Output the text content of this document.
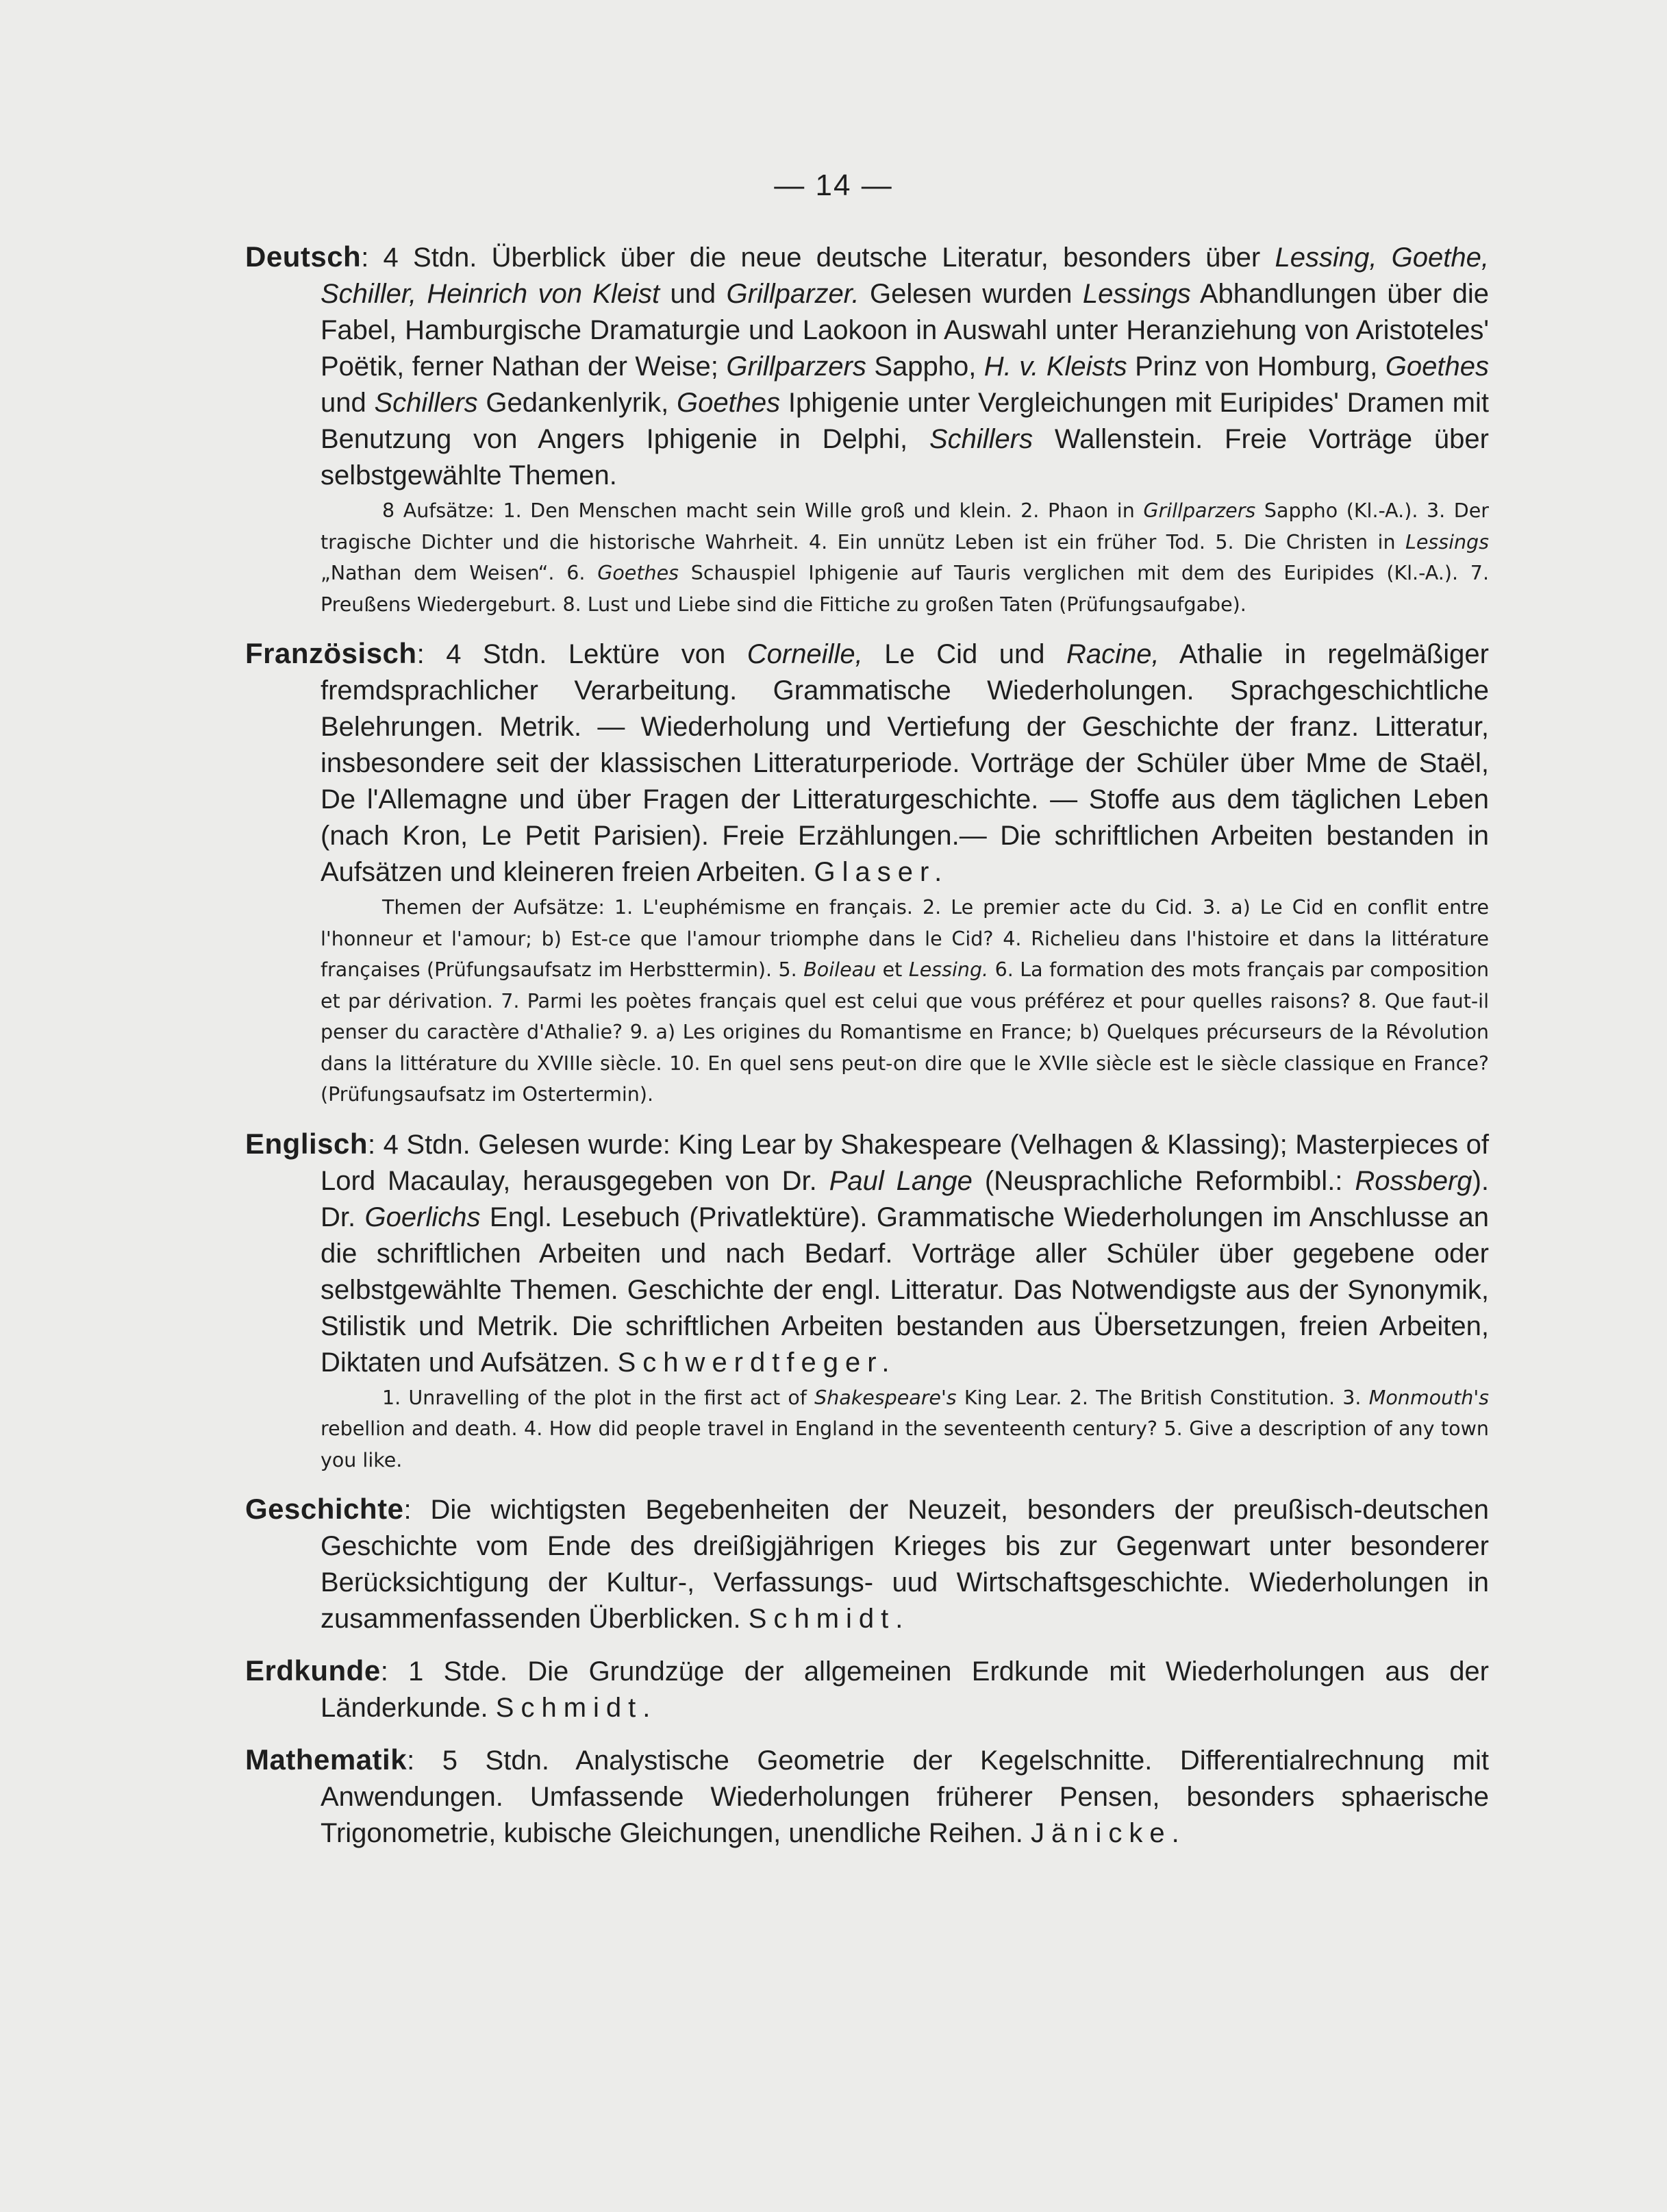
— 14 —

Deutsch: 4 Stdn. Überblick über die neue deutsche Literatur, besonders über Lessing, Goethe, Schiller, Heinrich von Kleist und Grillparzer. Gelesen wurden Lessings Abhandlungen über die Fabel, Hamburgische Dramaturgie und Laokoon in Auswahl unter Heranziehung von Aristoteles' Poëtik, ferner Nathan der Weise; Grillparzers Sappho, H. v. Kleists Prinz von Homburg, Goethes und Schillers Gedankenlyrik, Goethes Iphigenie unter Vergleichungen mit Euripides' Dramen mit Benutzung von Angers Iphigenie in Delphi, Schillers Wallenstein. Freie Vorträge über selbstgewählte Themen.

8 Aufsätze: 1. Den Menschen macht sein Wille groß und klein. 2. Phaon in Grillparzers Sappho (Kl.-A.). 3. Der tragische Dichter und die historische Wahrheit. 4. Ein unnütz Leben ist ein früher Tod. 5. Die Christen in Lessings „Nathan dem Weisen“. 6. Goethes Schauspiel Iphigenie auf Tauris verglichen mit dem des Euripides (Kl.-A.). 7. Preußens Wiedergeburt. 8. Lust und Liebe sind die Fittiche zu großen Taten (Prüfungsaufgabe).

Französisch: 4 Stdn. Lektüre von Corneille, Le Cid und Racine, Athalie in regelmäßiger fremdsprachlicher Verarbeitung. Grammatische Wiederholungen. Sprachgeschichtliche Belehrungen. Metrik. — Wiederholung und Vertiefung der Geschichte der franz. Litteratur, insbesondere seit der klassischen Litteraturperiode. Vorträge der Schüler über Mme de Staël, De l'Allemagne und über Fragen der Litteraturgeschichte. — Stoffe aus dem täglichen Leben (nach Kron, Le Petit Parisien). Freie Erzählungen.— Die schriftlichen Arbeiten bestanden in Aufsätzen und kleineren freien Arbeiten. Glaser.

Themen der Aufsätze: 1. L'euphémisme en français. 2. Le premier acte du Cid. 3. a) Le Cid en conflit entre l'honneur et l'amour; b) Est-ce que l'amour triomphe dans le Cid? 4. Richelieu dans l'histoire et dans la littérature françaises (Prüfungsaufsatz im Herbsttermin). 5. Boileau et Lessing. 6. La formation des mots français par composition et par dérivation. 7. Parmi les poètes français quel est celui que vous préférez et pour quelles raisons? 8. Que faut-il penser du caractère d'Athalie? 9. a) Les origines du Romantisme en France; b) Quelques précurseurs de la Révolution dans la littérature du XVIIIe siècle. 10. En quel sens peut-on dire que le XVIIe siècle est le siècle classique en France? (Prüfungsaufsatz im Ostertermin).

Englisch: 4 Stdn. Gelesen wurde: King Lear by Shakespeare (Velhagen & Klassing); Masterpieces of Lord Macaulay, herausgegeben von Dr. Paul Lange (Neusprachliche Reformbibl.: Rossberg). Dr. Goerlichs Engl. Lesebuch (Privatlektüre). Grammatische Wiederholungen im Anschlusse an die schriftlichen Arbeiten und nach Bedarf. Vorträge aller Schüler über gegebene oder selbstgewählte Themen. Geschichte der engl. Litteratur. Das Notwendigste aus der Synonymik, Stilistik und Metrik. Die schriftlichen Arbeiten bestanden aus Übersetzungen, freien Arbeiten, Diktaten und Aufsätzen. Schwerdtfeger.

1. Unravelling of the plot in the first act of Shakespeare's King Lear. 2. The British Constitution. 3. Monmouth's rebellion and death. 4. How did people travel in England in the seventeenth century? 5. Give a description of any town you like.

Geschichte: Die wichtigsten Begebenheiten der Neuzeit, besonders der preußisch-deutschen Geschichte vom Ende des dreißigjährigen Krieges bis zur Gegenwart unter besonderer Berücksichtigung der Kultur-, Verfassungs- uud Wirtschaftsgeschichte. Wiederholungen in zusammenfassenden Überblicken. Schmidt.

Erdkunde: 1 Stde. Die Grundzüge der allgemeinen Erdkunde mit Wiederholungen aus der Länderkunde. Schmidt.

Mathematik: 5 Stdn. Analystische Geometrie der Kegelschnitte. Differentialrechnung mit Anwendungen. Umfassende Wiederholungen früherer Pensen, besonders sphaerische Trigonometrie, kubische Gleichungen, unendliche Reihen. Jänicke.
